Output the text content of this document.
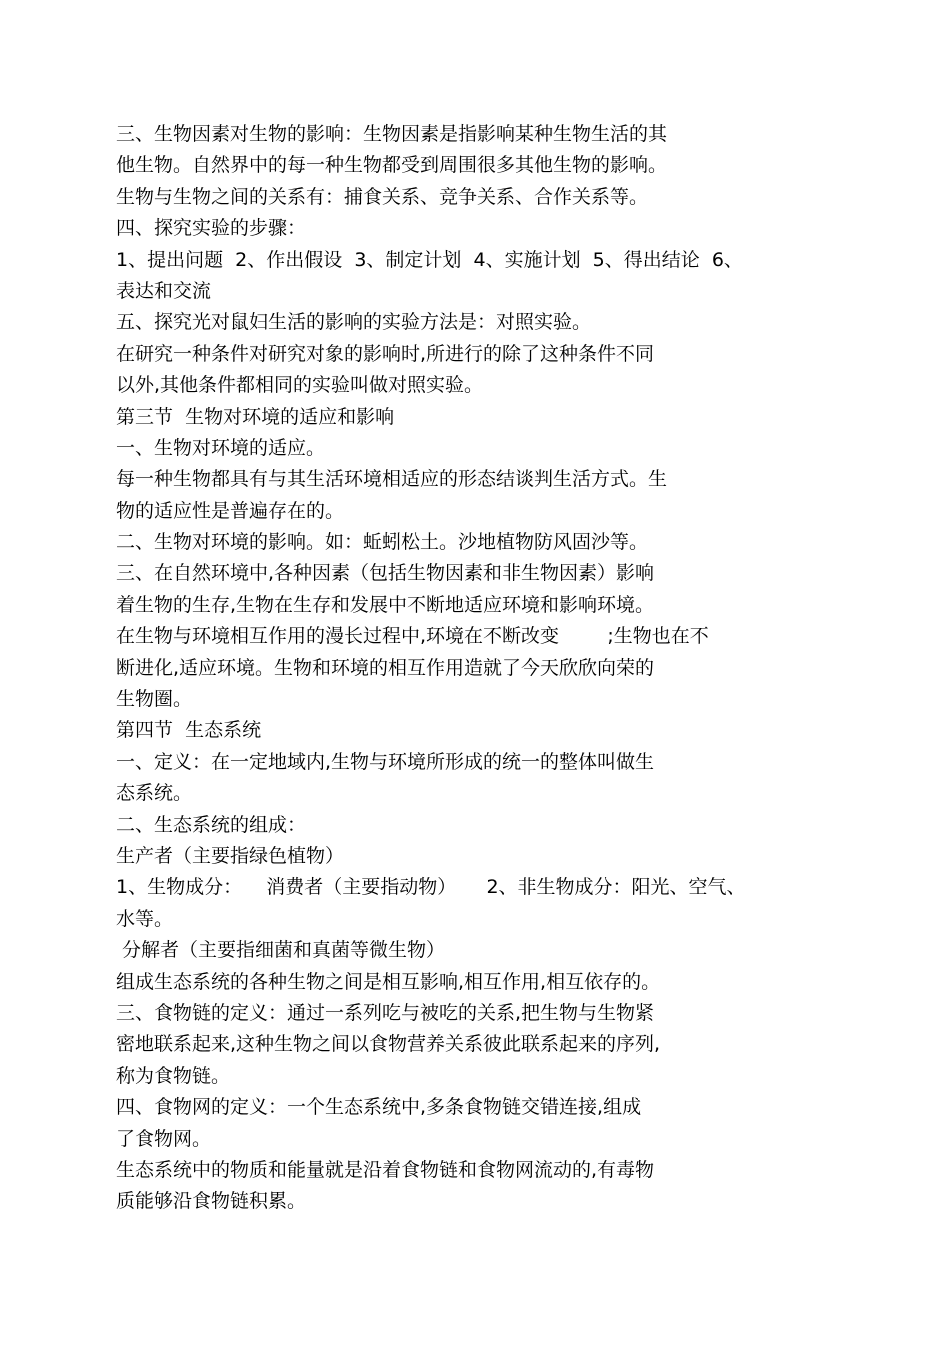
三、生物因素对生物的影响：生物因素是指影响某种生物生活的其
他生物。自然界中的每一种生物都受到周围很多其他生物的影响。
生物与生物之间的关系有：捕食关系、竞争关系、合作关系等。
四、探究实验的步骤：
1、提出问题  2、作出假设  3、制定计划  4、实施计划  5、得出结论  6、
表达和交流
五、探究光对鼠妇生活的影响的实验方法是：对照实验。
在研究一种条件对研究对象的影响时,所进行的除了这种条件不同
以外,其他条件都相同的实验叫做对照实验。
第三节  生物对环境的适应和影响
一、生物对环境的适应。
每一种生物都具有与其生活环境相适应的形态结谈判生活方式。生
物的适应性是普遍存在的。
二、生物对环境的影响。如：蚯蚓松土。沙地植物防风固沙等。
三、在自然环境中,各种因素（包括生物因素和非生物因素）影响
着生物的生存,生物在生存和发展中不断地适应环境和影响环境。
在生物与环境相互作用的漫长过程中,环境在不断改变        ;生物也在不
断进化,适应环境。生物和环境的相互作用造就了今天欣欣向荣的
生物圈。
第四节  生态系统
一、定义：在一定地域内,生物与环境所形成的统一的整体叫做生
态系统。
二、生态系统的组成：
生产者（主要指绿色植物）
1、生物成分：    消费者（主要指动物）     2、非生物成分：阳光、空气、
水等。
分解者（主要指细菌和真菌等微生物）
组成生态系统的各种生物之间是相互影响,相互作用,相互依存的。
三、食物链的定义：通过一系列吃与被吃的关系,把生物与生物紧
密地联系起来,这种生物之间以食物营养关系彼此联系起来的序列,
称为食物链。
四、食物网的定义：一个生态系统中,多条食物链交错连接,组成
了食物网。
生态系统中的物质和能量就是沿着食物链和食物网流动的,有毒物
质能够沿食物链积累。
